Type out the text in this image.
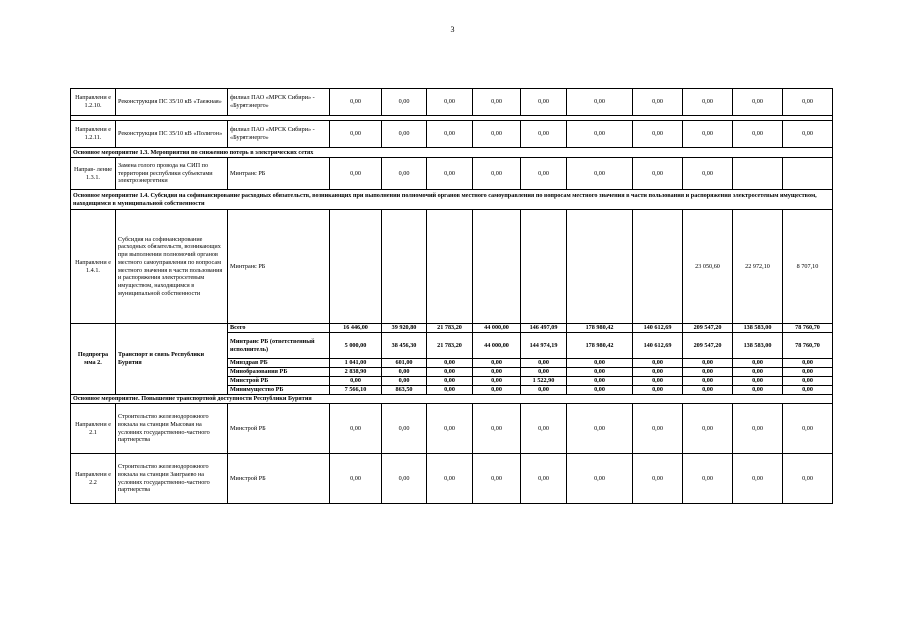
3
Направлени е 1.2.10.	Реконструкция ПС 35/10 кВ «Таежная»	филиал ПАО «МРСК Сибири» - «Бурятэнерго»	0,00	0,00	0,00	0,00	0,00	0,00	0,00	0,00	0,00	0,00

Направлени е 1.2.11.	Реконструкция ПС 35/10 кВ «Полигон»	филиал ПАО «МРСК Сибири» - «Бурятэнерго»	0,00	0,00	0,00	0,00	0,00	0,00	0,00	0,00	0,00	0,00
Основное мероприятие 1.3. Мероприятия по снижению потерь в электрических сетях												
Направ- ление 1.3.1.	Замена голого провода на СИП по территории республики субъектами электроэнергетики	Минтранс РБ	0,00	0,00	0,00	0,00	0,00	0,00	0,00	0,00		
Основное мероприятие 1.4. Субсидия на софинансирование расходных обязательств, возникающих при выполнении полномочий органов местного самоуправления по вопросам местного значения в части пользования и распоряжения электросетевым имуществом, находящимся в муниципальной собственности												
Направлени е 1.4.1.	Субсидия на софинансирование расходных обязательств, возникающих при выполнении полномочий органов местного самоуправления по вопросам местного значения в части пользования и распоряжения электросетевым имуществом, находящимся в муниципальной собственности	Минтранс РБ								23 050,60	22 972,10	8 707,10
Подпрогра мма 2.	Транспорт и связь Республики Бурятия	Всего	16 446,00	39 920,80	21 783,20	44 000,00	146 497,09	178 980,42	140 612,69	209 547,20	138 583,00	78 760,70
		Минтранс РБ (ответственный исполнитель)	5 000,00	38 456,30	21 783,20	44 000,00	144 974,19	178 980,42	140 612,69	209 547,20	138 583,00	78 760,70
		Минздрав РБ	1 041,00	601,00	0,00	0,00	0,00	0,00	0,00	0,00	0,00	0,00
		Минобразования РБ	2 838,90	0,00	0,00	0,00	0,00	0,00	0,00	0,00	0,00	0,00
		Минстрой РБ	0,00	0,00	0,00	0,00	1 522,90	0,00	0,00	0,00	0,00	0,00
		Минимущество РБ	7 566,10	863,50	0,00	0,00	0,00	0,00	0,00	0,00	0,00	0,00
Основное мероприятие. Повышение транспортной доступности Республики Бурятия												
Направлени е 2.1	Строительство железнодорожного вокзала на станции Мысовая на условиях государственно-частного партнерства	Минстрой РБ	0,00	0,00	0,00	0,00	0,00	0,00	0,00	0,00	0,00	0,00
Направлени е 2.2	Строительство железнодорожного вокзала на станции Заиграево на условиях государственно-частного партнерства	Минстрой РБ	0,00	0,00	0,00	0,00	0,00	0,00	0,00	0,00	0,00	0,00
